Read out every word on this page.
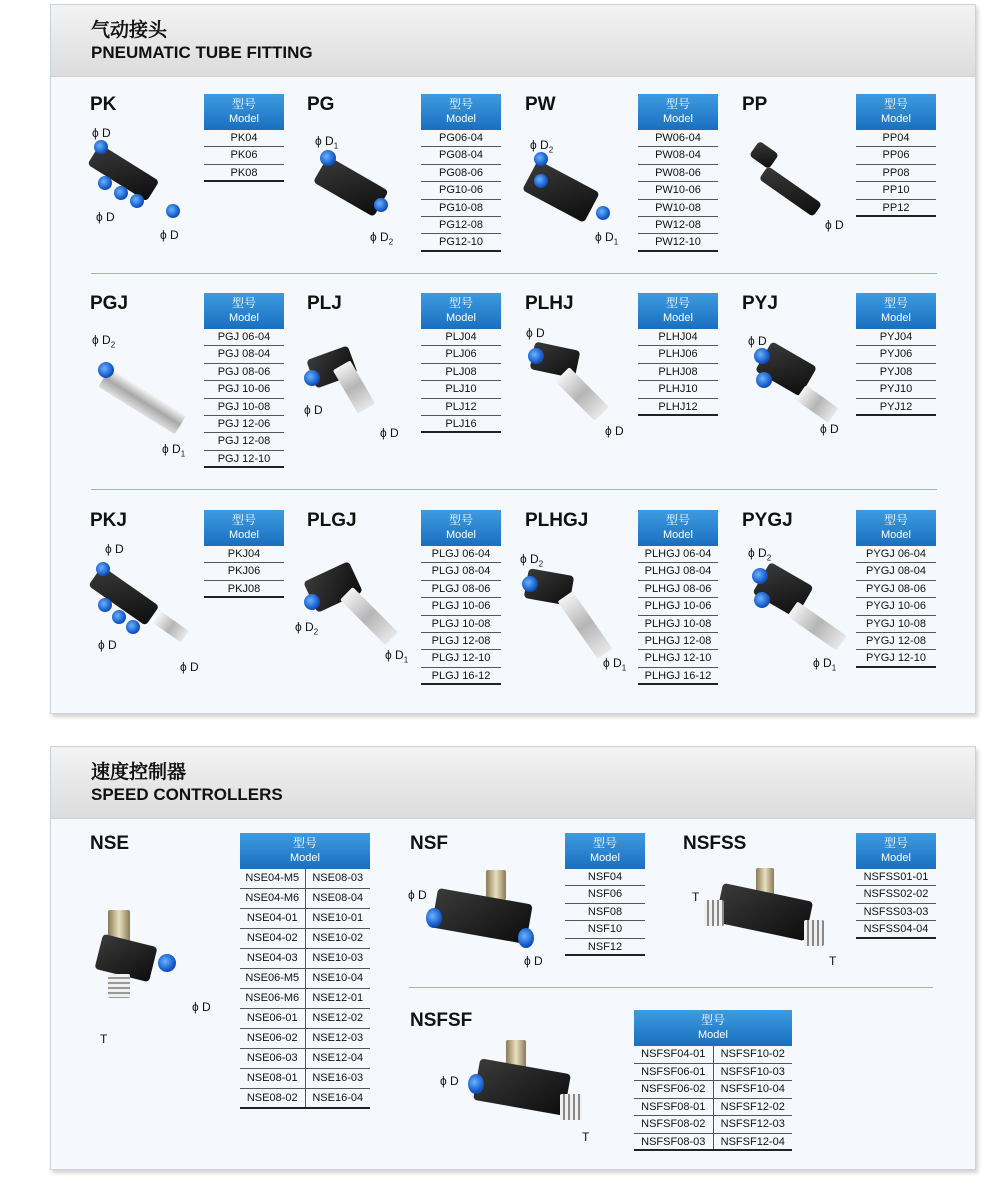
气动接头
PNEUMATIC TUBE FITTING
PK
ϕ D
ϕ D
ϕ D
型号
Model
PK04
PK06
PK08
PG
ϕ $D_1$
ϕ $D_2$
型号
Model
PG06-04
PG08-04
PG08-06
PG10-06
PG10-08
PG12-08
PG12-10
PW
ϕ $D_2$
ϕ $D_1$
型号
Model
PW06-04
PW08-04
PW08-06
PW10-06
PW10-08
PW12-08
PW12-10
PP
ϕ D
型号
Model
PP04
PP06
PP08
PP10
PP12
PGJ
ϕ $D_2$
ϕ $D_1$
型号
Model
PGJ 06-04
PGJ 08-04
PGJ 08-06
PGJ 10-06
PGJ 10-08
PGJ 12-06
PGJ 12-08
PGJ 12-10
PLJ
ϕ D
ϕ D
型号
Model
PLJ04
PLJ06
PLJ08
PLJ10
PLJ12
PLJ16
PLHJ
ϕ D
ϕ D
型号
Model
PLHJ04
PLHJ06
PLHJ08
PLHJ10
PLHJ12
PYJ
ϕ D
ϕ D
型号
Model
PYJ04
PYJ06
PYJ08
PYJ10
PYJ12
PKJ
ϕ D
ϕ D
ϕ D
型号
Model
PKJ04
PKJ06
PKJ08
PLGJ
ϕ $D_2$
ϕ $D_1$
型号
Model
PLGJ 06-04
PLGJ 08-04
PLGJ 08-06
PLGJ 10-06
PLGJ 10-08
PLGJ 12-08
PLGJ 12-10
PLGJ 16-12
PLHGJ
ϕ $D_2$
ϕ $D_1$
型号
Model
PLHGJ 06-04
PLHGJ 08-04
PLHGJ 08-06
PLHGJ 10-06
PLHGJ 10-08
PLHGJ 12-08
PLHGJ 12-10
PLHGJ 16-12
PYGJ
ϕ $D_2$
ϕ $D_1$
型号
Model
PYGJ 06-04
PYGJ 08-04
PYGJ 08-06
PYGJ 10-06
PYGJ 10-08
PYGJ 12-08
PYGJ 12-10
速度控制器
SPEED CONTROLLERS
NSE
ϕ D
T
型号
Model
NSE04-M5	NSE08-03
NSE04-M6	NSE08-04
NSE04-01	NSE10-01
NSE04-02	NSE10-02
NSE04-03	NSE10-03
NSE06-M5	NSE10-04
NSE06-M6	NSE12-01
NSE06-01	NSE12-02
NSE06-02	NSE12-03
NSE06-03	NSE12-04
NSE08-01	NSE16-03
NSE08-02	NSE16-04
NSF
ϕ D
ϕ D
型号
Model
NSF04
NSF06
NSF08
NSF10
NSF12
NSFSS
T
T
型号
Model
NSFSS01-01
NSFSS02-02
NSFSS03-03
NSFSS04-04
NSFSF
ϕ D
T
型号
Model
NSFSF04-01	NSFSF10-02
NSFSF06-01	NSFSF10-03
NSFSF06-02	NSFSF10-04
NSFSF08-01	NSFSF12-02
NSFSF08-02	NSFSF12-03
NSFSF08-03	NSFSF12-04
